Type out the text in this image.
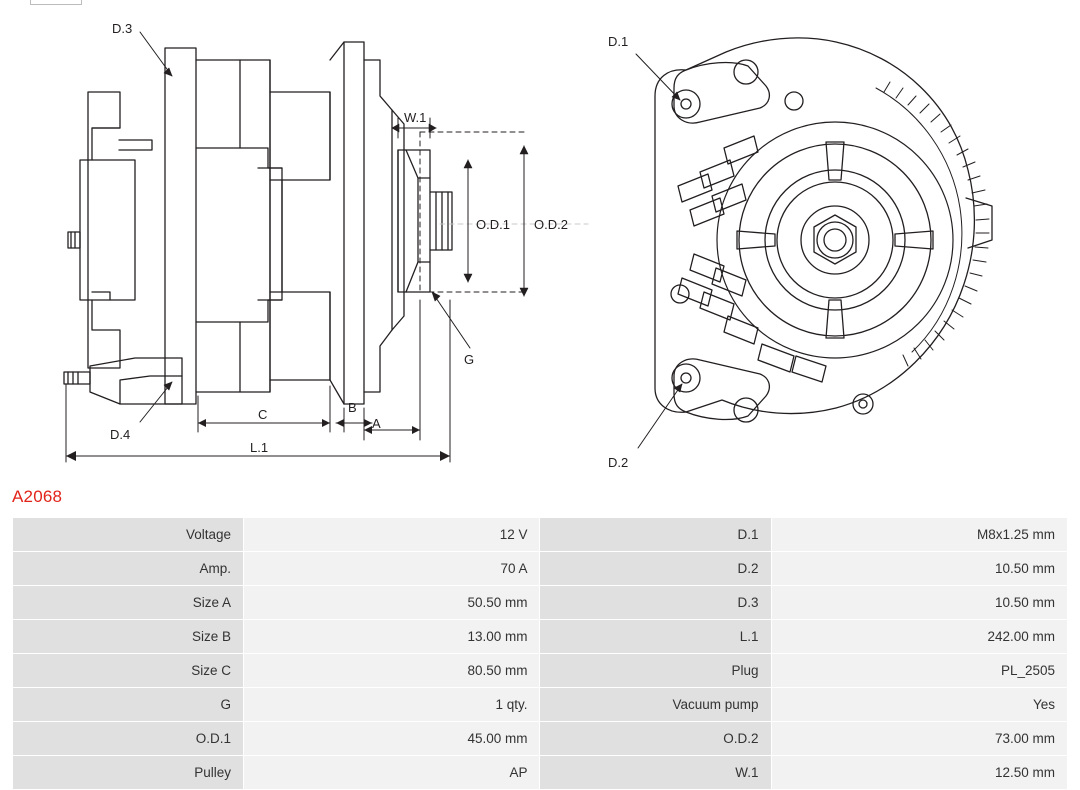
D.3
W.1
O.D.1 O.D.2
G
D.4
C	B
A
L.1
D.1
D.2
A2068
Voltage	12 V	D.1	M8x1.25 mm
Amp.	70 A	D.2	10.50 mm
Size A	50.50 mm	D.3	10.50 mm
Size B	13.00 mm	L.1	242.00 mm
Size C	80.50 mm	Plug	PL_2505
G	1 qty.	Vacuum pump	Yes
O.D.1	45.00 mm	O.D.2	73.00 mm
Pulley	AP	W.1	12.50 mm
